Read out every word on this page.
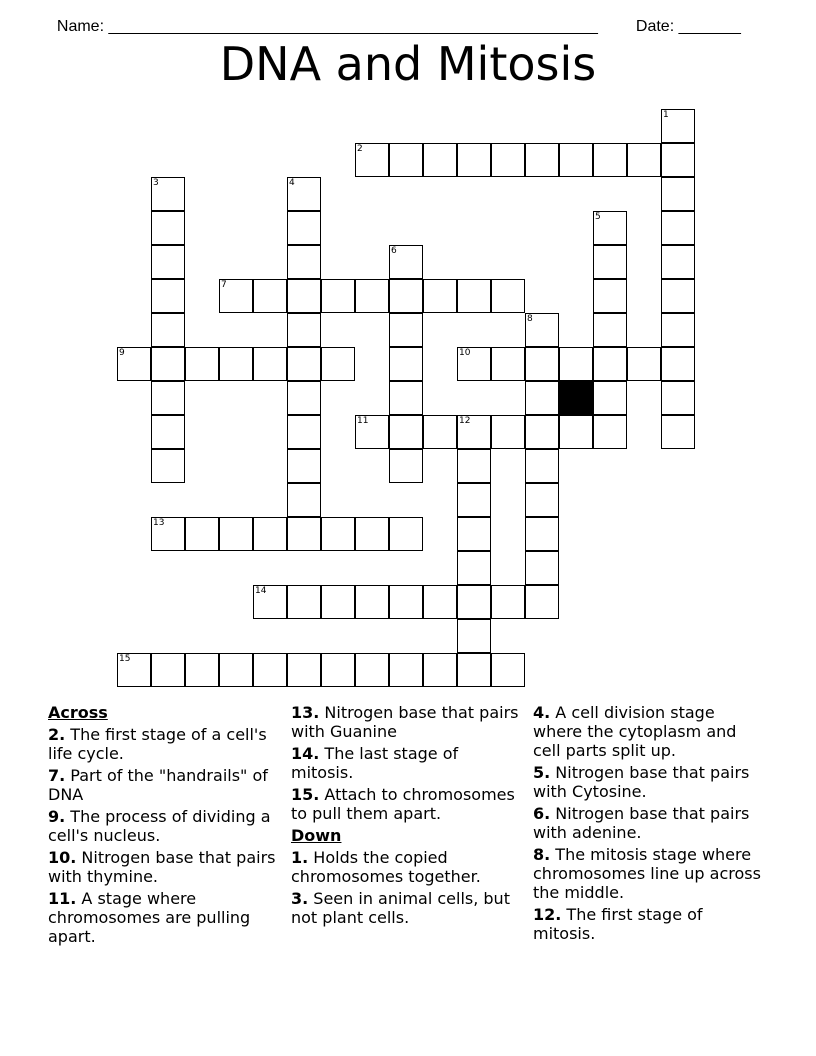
Name: _______________________________________________________	Date: _______

DNA and Mitosis
1
2
3	4
5
6
7
8
9	10
11	12
13
14
15
Across
2. The first stage of a cell's life cycle.
7. Part of the "handrails" of DNA
9. The process of dividing a cell's nucleus.
10. Nitrogen base that pairs with thymine.
11. A stage where chromosomes are pulling apart.
13. Nitrogen base that pairs with Guanine
14. The last stage of mitosis.
15. Attach to chromosomes to pull them apart.
Down
1. Holds the copied chromosomes together.
3. Seen in animal cells, but not plant cells.
4. A cell division stage where the cytoplasm and cell parts split up.
5. Nitrogen base that pairs with Cytosine.
6. Nitrogen base that pairs with adenine.
8. The mitosis stage where chromosomes line up across the middle.
12. The first stage of mitosis.
